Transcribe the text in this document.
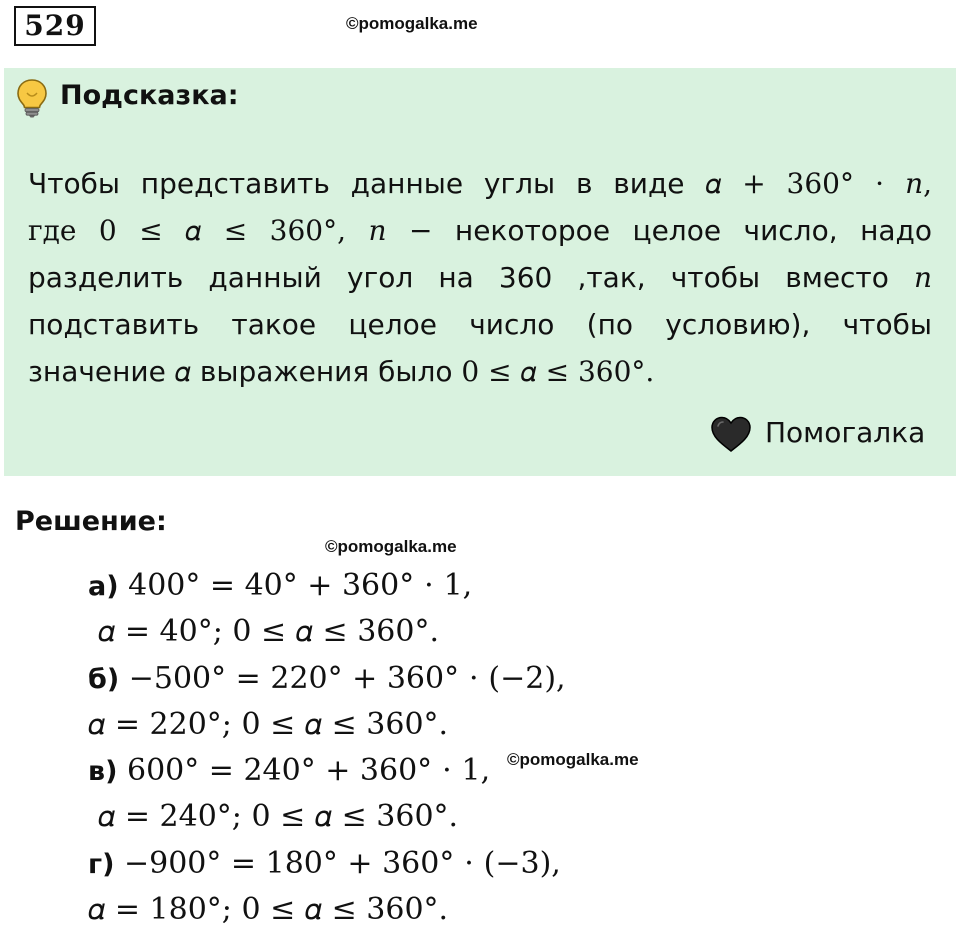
529	©pomogalka.me
Подсказка:
Чтобы представить данные углы в виде 𝛼 + 360° ⋅ 𝑛,
где 0 ≤ 𝛼 ≤ 360°, 𝑛 − некоторое целое число, надо
разделить данный угол на 360 ,так, чтобы вместо 𝑛
подставить такое целое число (по условию), чтобы
значение 𝛼 выражения было 0 ≤ 𝛼 ≤ 360°.
Помогалка
Решение:
©pomogalka.me
©pomogalka.me
а) 400° = 40° + 360° ⋅ 1,
𝛼 = 40°; 0 ≤ 𝛼 ≤ 360°.
б) −500° = 220° + 360° ⋅ (−2),
𝛼 = 220°; 0 ≤ 𝛼 ≤ 360°.
в) 600° = 240° + 360° ⋅ 1,
𝛼 = 240°; 0 ≤ 𝛼 ≤ 360°.
г) −900° = 180° + 360° ⋅ (−3),
𝛼 = 180°; 0 ≤ 𝛼 ≤ 360°.
